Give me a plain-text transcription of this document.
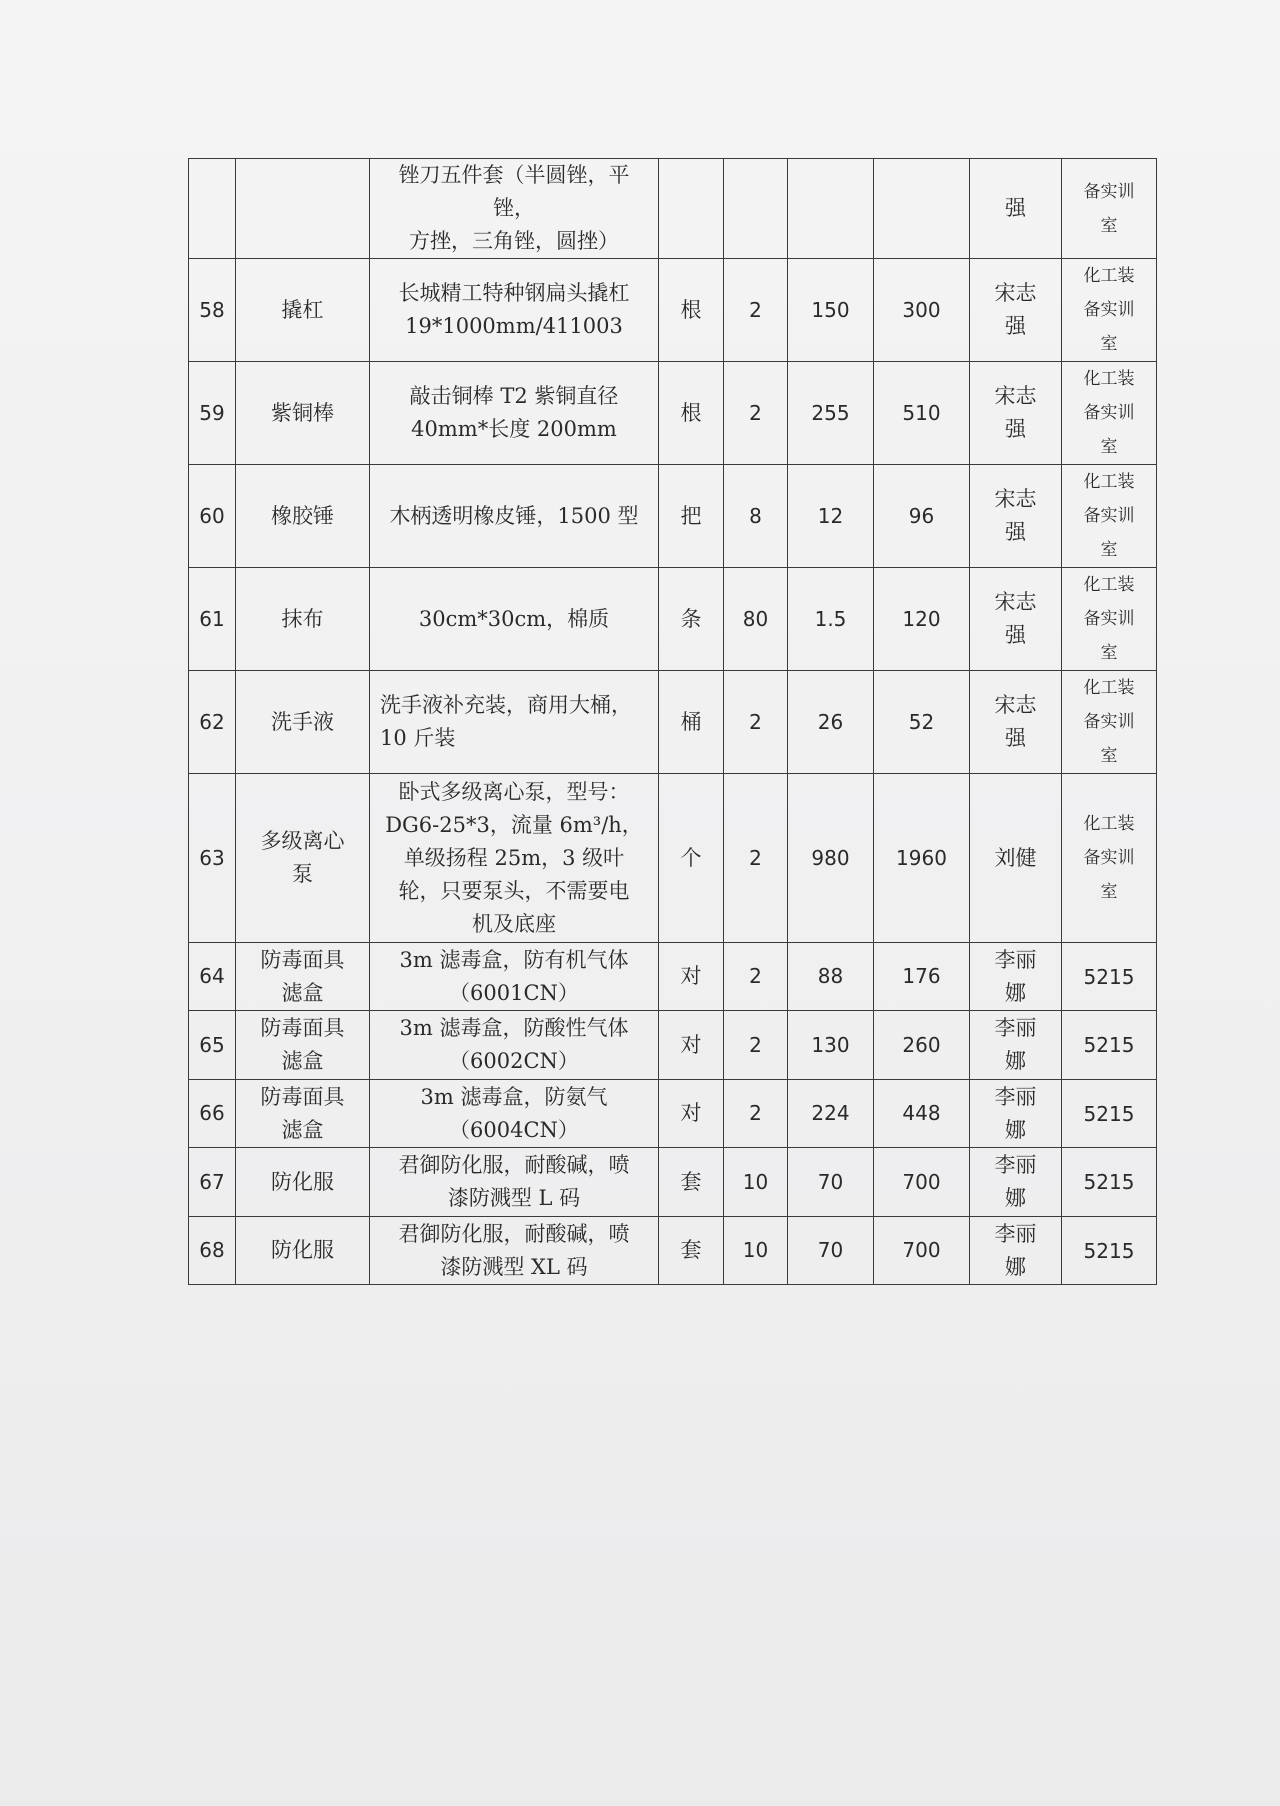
		锉刀五件套（半圆锉，平锉，
方挫，三角锉，圆挫）					强	备实训
室

58	撬杠	长城精工特种钢扁头撬杠
19*1000mm/411003	根	2	150	300	宋志
强	化工装
备实训
室

59	紫铜棒	敲击铜棒 T2 紫铜直径
40mm*长度 200mm	根	2	255	510	宋志
强	化工装
备实训
室

60	橡胶锤	木柄透明橡皮锤，1500 型	把	8	12	96	宋志
强	化工装
备实训
室

61	抹布	30cm*30cm，棉质	条	80	1.5	120	宋志
强	化工装
备实训
室

62	洗手液	洗手液补充装，商用大桶，
10 斤装	桶	2	26	52	宋志
强	化工装
备实训
室

63	多级离心
泵	卧式多级离心泵，型号：
DG6-25*3，流量 6m³/h，
单级扬程 25m，3 级叶
轮，只要泵头，不需要电
机及底座	个	2	980	1960	刘健	化工装
备实训
室

64	防毒面具
滤盒	3m 滤毒盒，防有机气体
（6001CN）	对	2	88	176	李丽
娜	5215

65	防毒面具
滤盒	3m 滤毒盒，防酸性气体
（6002CN）	对	2	130	260	李丽
娜	5215

66	防毒面具
滤盒	3m 滤毒盒，防氨气
（6004CN）	对	2	224	448	李丽
娜	5215

67	防化服	君御防化服，耐酸碱，喷
漆防溅型 L 码	套	10	70	700	李丽
娜	5215

68	防化服	君御防化服，耐酸碱，喷
漆防溅型 XL 码	套	10	70	700	李丽
娜	5215
